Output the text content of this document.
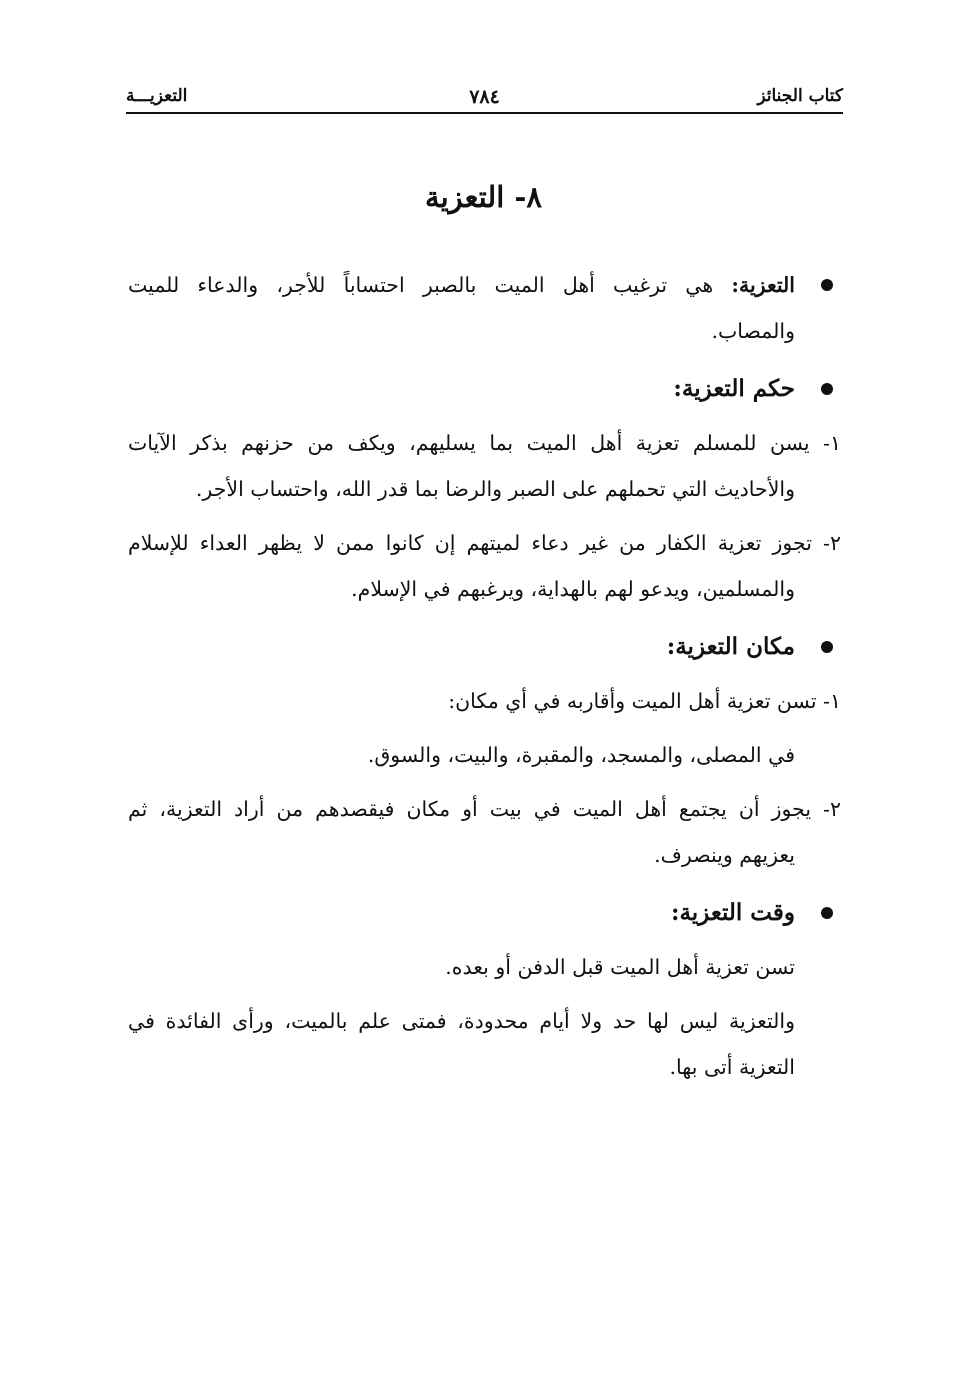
كتاب الجنائز
٧٨٤
التعزيـــة
٨- التعزية
التعزية: هي ترغيب أهل الميت بالصبر احتساباً للأجر، والدعاء للميت
والمصاب.
حكم التعزية:
١- يسن للمسلم تعزية أهل الميت بما يسليهم، ويكف من حزنهم بذكر الآيات
والأحاديث التي تحملهم على الصبر والرضا بما قدر الله، واحتساب الأجر.
٢- تجوز تعزية الكفار من غير دعاء لميتهم إن كانوا ممن لا يظهر العداء للإسلام
والمسلمين، ويدعو لهم بالهداية، ويرغبهم في الإسلام.
مكان التعزية:
١- تسن تعزية أهل الميت وأقاربه في أي مكان:
في المصلى، والمسجد، والمقبرة، والبيت، والسوق.
٢- يجوز أن يجتمع أهل الميت في بيت أو مكان فيقصدهم من أراد التعزية، ثم
يعزيهم وينصرف.
وقت التعزية:
تسن تعزية أهل الميت قبل الدفن أو بعده.
والتعزية ليس لها حد ولا أيام محدودة، فمتى علم بالميت، ورأى الفائدة في
التعزية أتى بها.
